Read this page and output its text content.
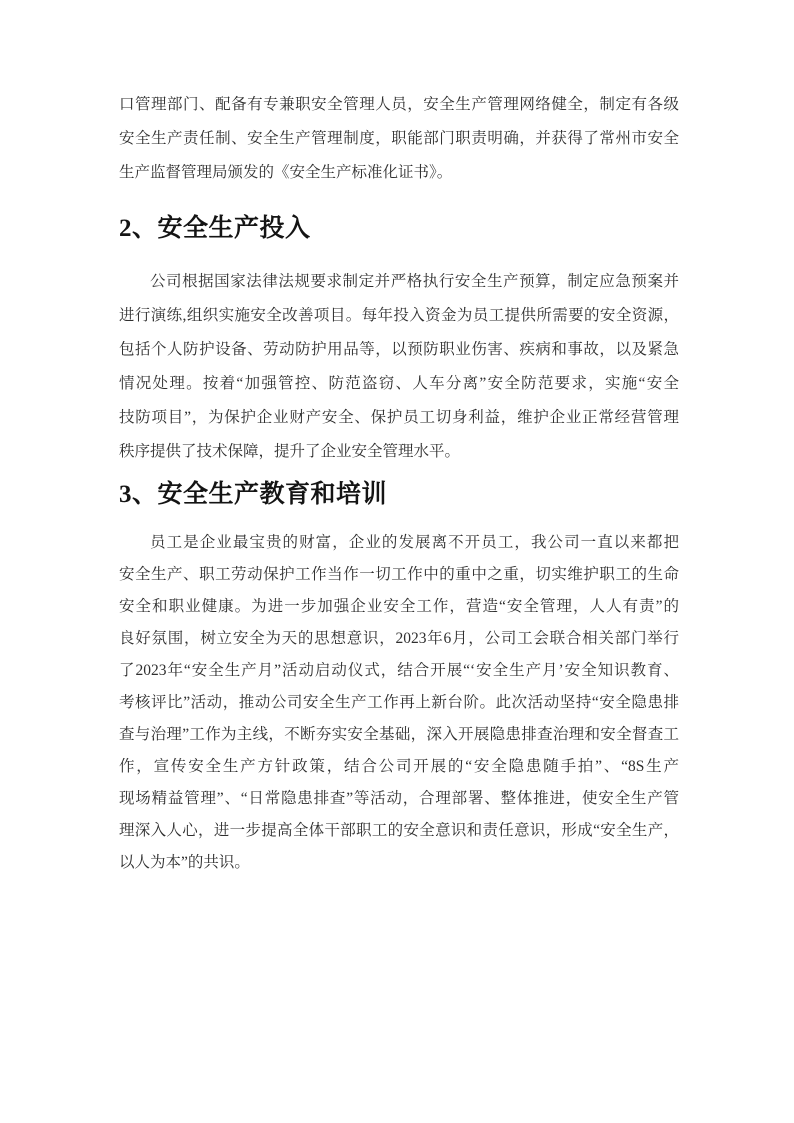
口管理部门、配备有专兼职安全管理人员，安全生产管理网络健全，制定有各级
安全生产责任制、安全生产管理制度，职能部门职责明确，并获得了常州市安全
生产监督管理局颁发的《安全生产标准化证书》。
2、安全生产投入
公司根据国家法律法规要求制定并严格执行安全生产预算，制定应急预案并
进行演练,组织实施安全改善项目。每年投入资金为员工提供所需要的安全资源，
包括个人防护设备、劳动防护用品等，以预防职业伤害、疾病和事故，以及紧急
情况处理。按着“加强管控、防范盗窃、人车分离”安全防范要求，实施“安全
技防项目”，为保护企业财产安全、保护员工切身利益，维护企业正常经营管理
秩序提供了技术保障，提升了企业安全管理水平。
3、安全生产教育和培训
员工是企业最宝贵的财富，企业的发展离不开员工，我公司一直以来都把
安全生产、职工劳动保护工作当作一切工作中的重中之重，切实维护职工的生命
安全和职业健康。为进一步加强企业安全工作，营造“安全管理，人人有责”的
良好氛围，树立安全为天的思想意识，2023年6月，公司工会联合相关部门举行
了2023年“安全生产月”活动启动仪式，结合开展“‘安全生产月’安全知识教育、
考核评比”活动，推动公司安全生产工作再上新台阶。此次活动坚持“安全隐患排
查与治理”工作为主线，不断夯实安全基础，深入开展隐患排查治理和安全督查工
作，宣传安全生产方针政策，结合公司开展的“安全隐患随手拍”、“8S生产
现场精益管理”、“日常隐患排查”等活动，合理部署、整体推进，使安全生产管
理深入人心，进一步提高全体干部职工的安全意识和责任意识，形成“安全生产，
以人为本”的共识。
